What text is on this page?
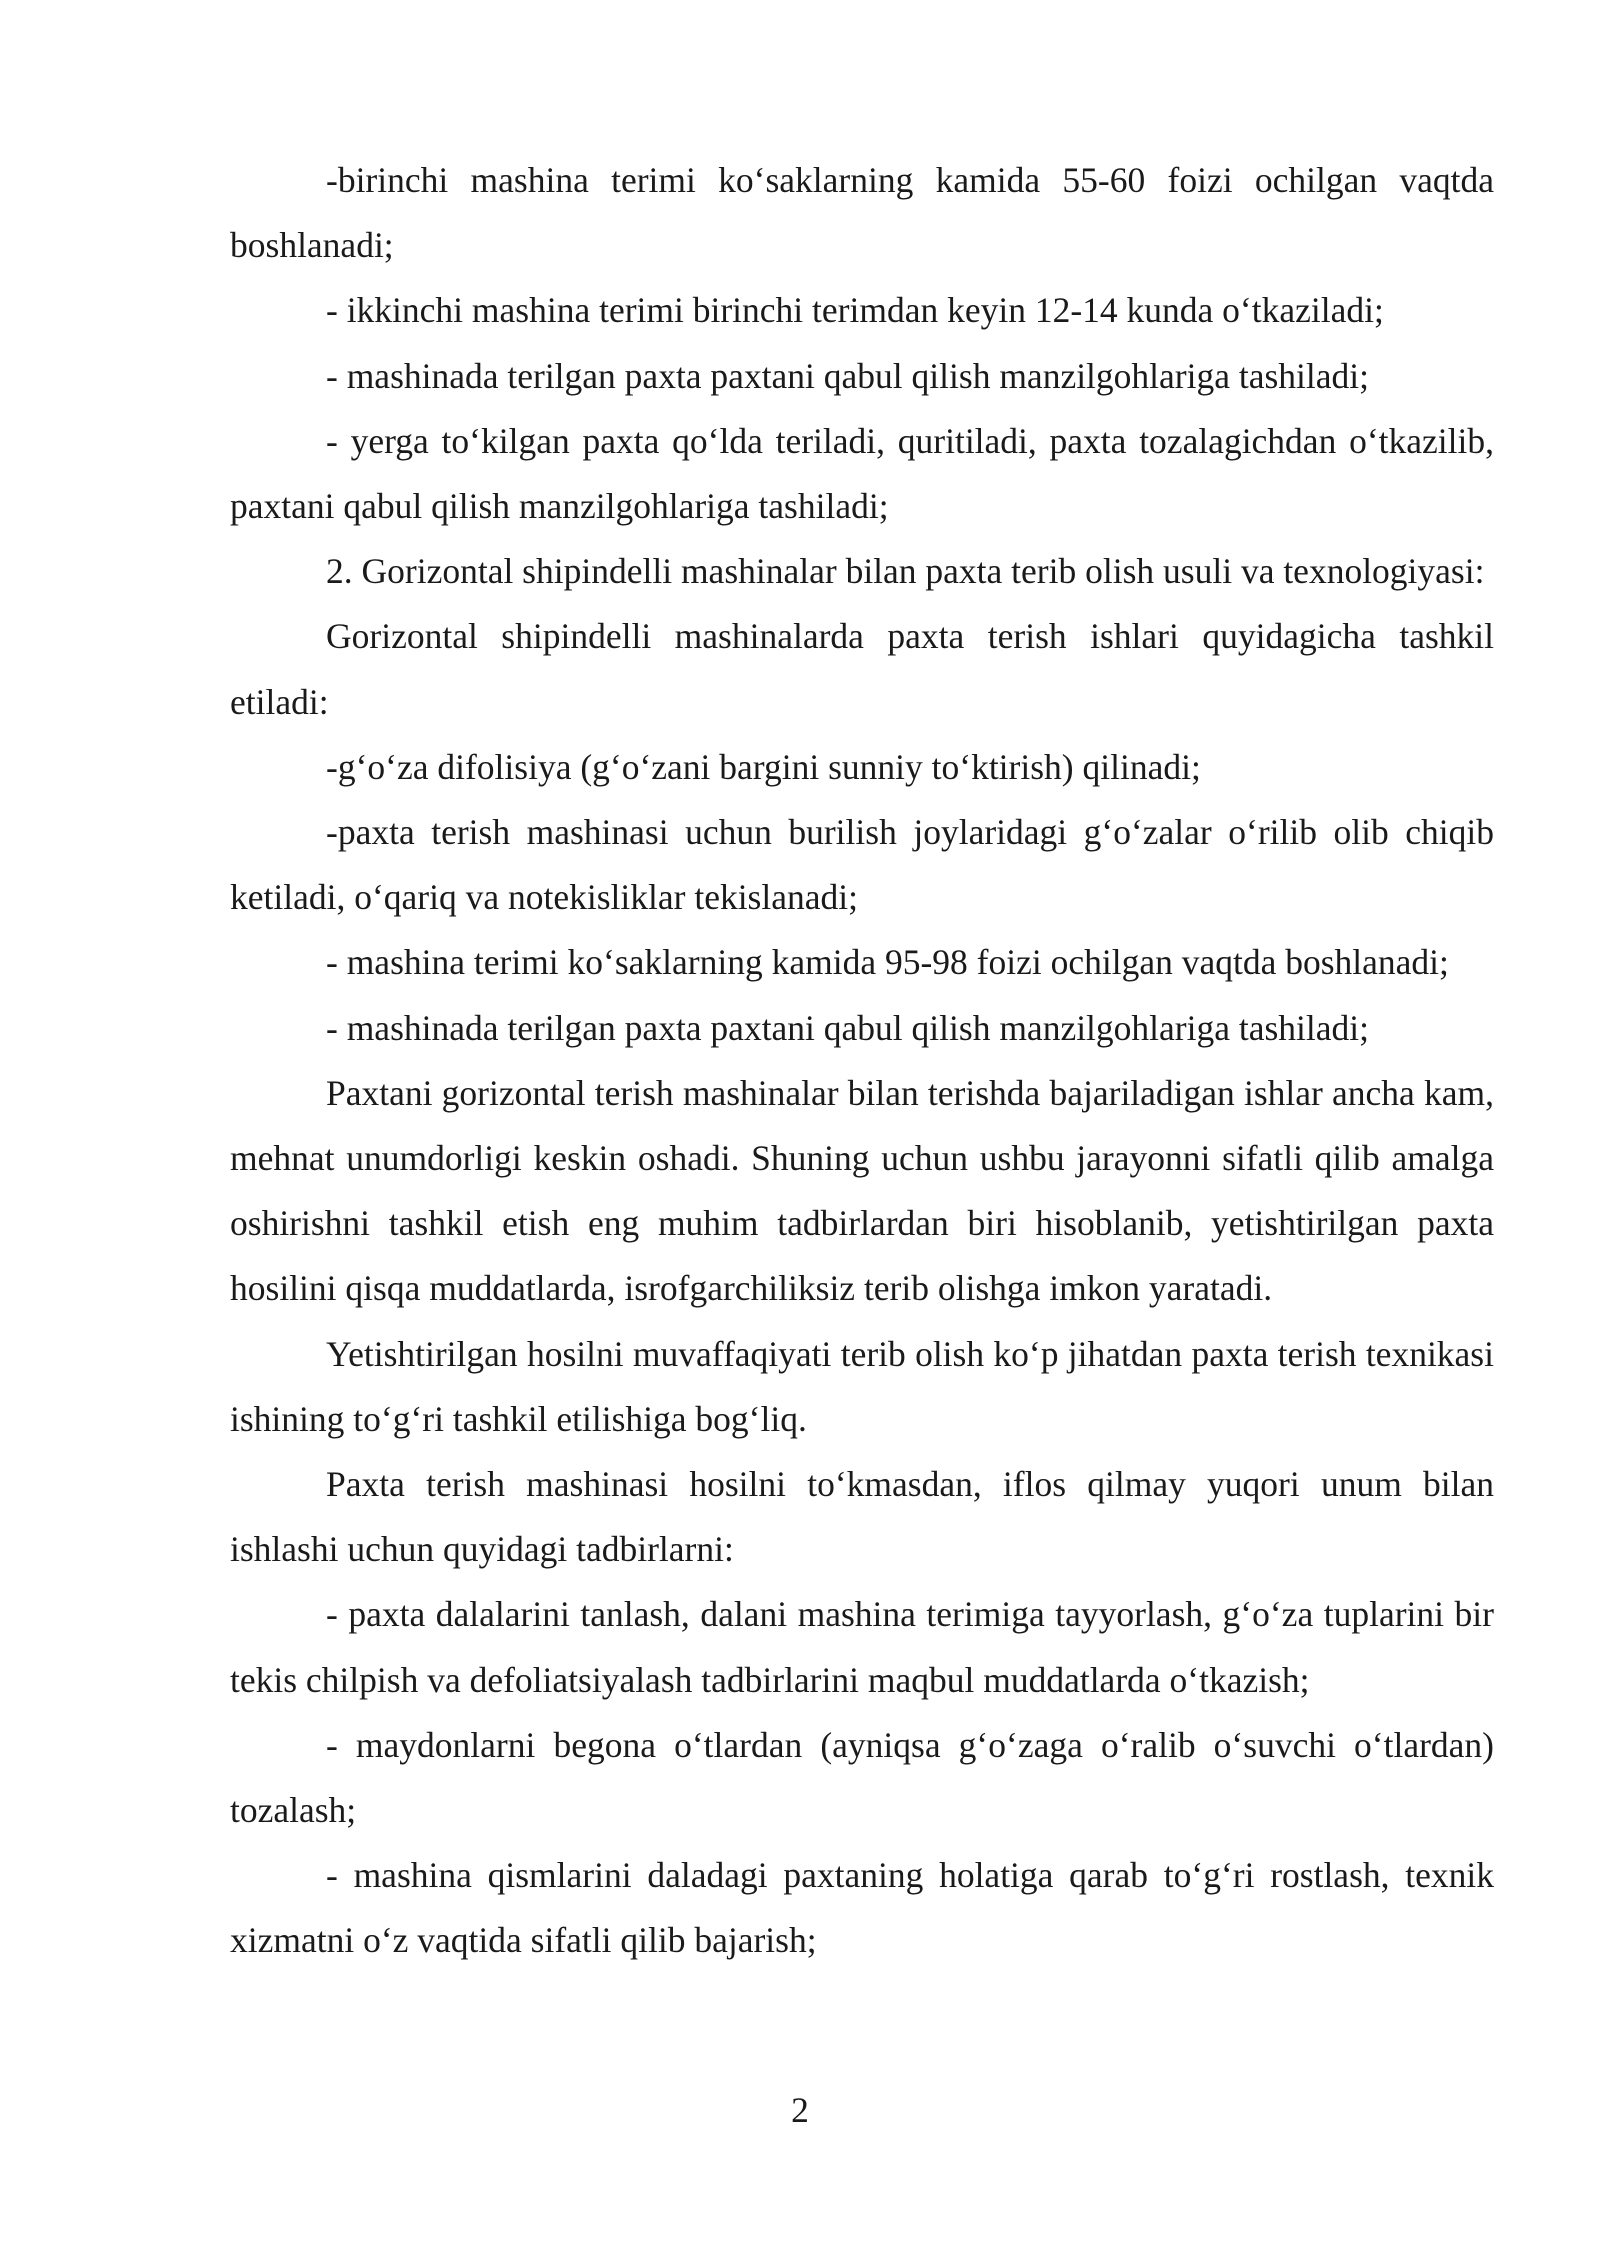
-birinchi mashina terimi ko‘saklarning kamida 55-60 foizi ochilgan vaqtda boshlanadi;

- ikkinchi mashina terimi birinchi terimdan keyin 12-14 kunda o‘tkaziladi;

- mashinada terilgan paxta paxtani qabul qilish manzilgohlariga tashiladi;

- yerga to‘kilgan paxta qo‘lda teriladi, quritiladi, paxta tozalagichdan o‘tkazilib, paxtani qabul qilish manzilgohlariga tashiladi;

2. Gorizontal shipindelli mashinalar bilan paxta terib olish usuli va texnologiyasi:

Gorizontal shipindelli mashinalarda paxta terish ishlari quyidagicha tashkil etiladi:

-g‘o‘za difolisiya (g‘o‘zani bargini sunniy to‘ktirish) qilinadi;

-paxta terish mashinasi uchun burilish joylaridagi g‘o‘zalar o‘rilib olib chiqib ketiladi, o‘qariq va notekisliklar tekislanadi;

- mashina terimi ko‘saklarning kamida 95-98 foizi ochilgan vaqtda boshlanadi;

- mashinada terilgan paxta paxtani qabul qilish manzilgohlariga tashiladi;

Paxtani gorizontal terish mashinalar bilan terishda bajariladigan ishlar ancha kam, mehnat unumdorligi keskin oshadi. Shuning uchun ushbu jarayonni sifatli qilib amalga oshirishni tashkil etish eng muhim tadbirlardan biri hisoblanib, yetishtirilgan paxta hosilini qisqa muddatlarda, isrofgarchiliksiz terib olishga imkon yaratadi.

Yetishtirilgan hosilni muvaffaqiyati terib olish ko‘p jihatdan paxta terish texnikasi ishining to‘g‘ri tashkil etilishiga bog‘liq.

Paxta terish mashinasi hosilni to‘kmasdan, iflos qilmay yuqori unum bilan ishlashi uchun quyidagi tadbirlarni:

- paxta dalalarini tanlash, dalani mashina terimiga tayyorlash, g‘o‘za tuplarini bir tekis chilpish va defoliatsiyalash tadbirlarini maqbul muddatlarda o‘tkazish;

- maydonlarni begona o‘tlardan (ayniqsa g‘o‘zaga o‘ralib o‘suvchi o‘tlardan) tozalash;

- mashina qismlarini daladagi paxtaning holatiga qarab to‘g‘ri rostlash, texnik xizmatni o‘z vaqtida sifatli qilib bajarish;

2
